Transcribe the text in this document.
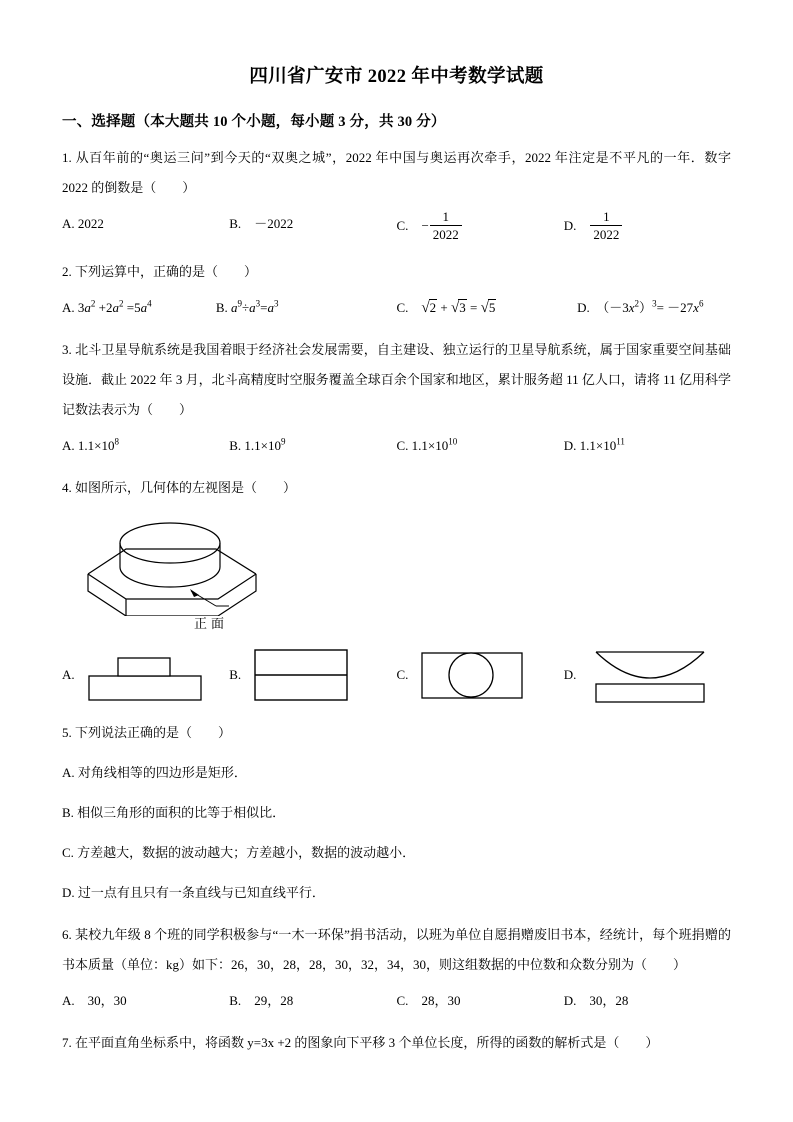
四川省广安市 2022 年中考数学试题
一、选择题（本大题共 10 个小题，每小题 3 分，共 30 分）
1. 从百年前的“奥运三问”到今天的“双奥之城”，2022 年中国与奥运再次牵手，2022 年注定是不平凡的一年．数字 2022 的倒数是（　　）
A. 2022	B.　 －2022	C.　 − $\frac{1}{2022}$	D.　 $\frac{1}{2022}$
2. 下列运算中，正确的是（　　）
A. $3a^2 +2a^2 =5a^4$	B. $a^9\div a^3=a^3$	C.　 √2 + √3 = √5	D.　$(-3x^2)^3= -27x^6$
3. 北斗卫星导航系统是我国着眼于经济社会发展需要，自主建设、独立运行的卫星导航系统，属于国家重要空间基础设施．截止 2022 年 3 月，北斗高精度时空服务覆盖全球百余个国家和地区，累计服务超 11 亿人口，请将 11 亿用科学记数法表示为（　　）
A. $1.1\times 10^8$	B. $1.1\times 10^9$	C. $1.1\times 10^{10}$	D. $1.1\times 10^{11}$
4. 如图所示，几何体的左视图是（　　）
正面
A.	B.	C.	D.
5. 下列说法正确的是（　　）
A. 对角线相等的四边形是矩形．
B. 相似三角形的面积的比等于相似比．
C. 方差越大，数据的波动越大；方差越小，数据的波动越小．
D. 过一点有且只有一条直线与已知直线平行．
6. 某校九年级 8 个班的同学积极参与“一木一环保”捐书活动，以班为单位自愿捐赠废旧书本，经统计，每个班捐赠的书本质量（单位：kg）如下：26，30，28，28，30，32，34，30，则这组数据的中位数和众数分别为（　　）
A.　 30，30	B.　 29，28	C.　 28，30	D.　 30，28
7. 在平面直角坐标系中，将函数 y=3x +2 的图象向下平移 3 个单位长度，所得的函数的解析式是（　　）
